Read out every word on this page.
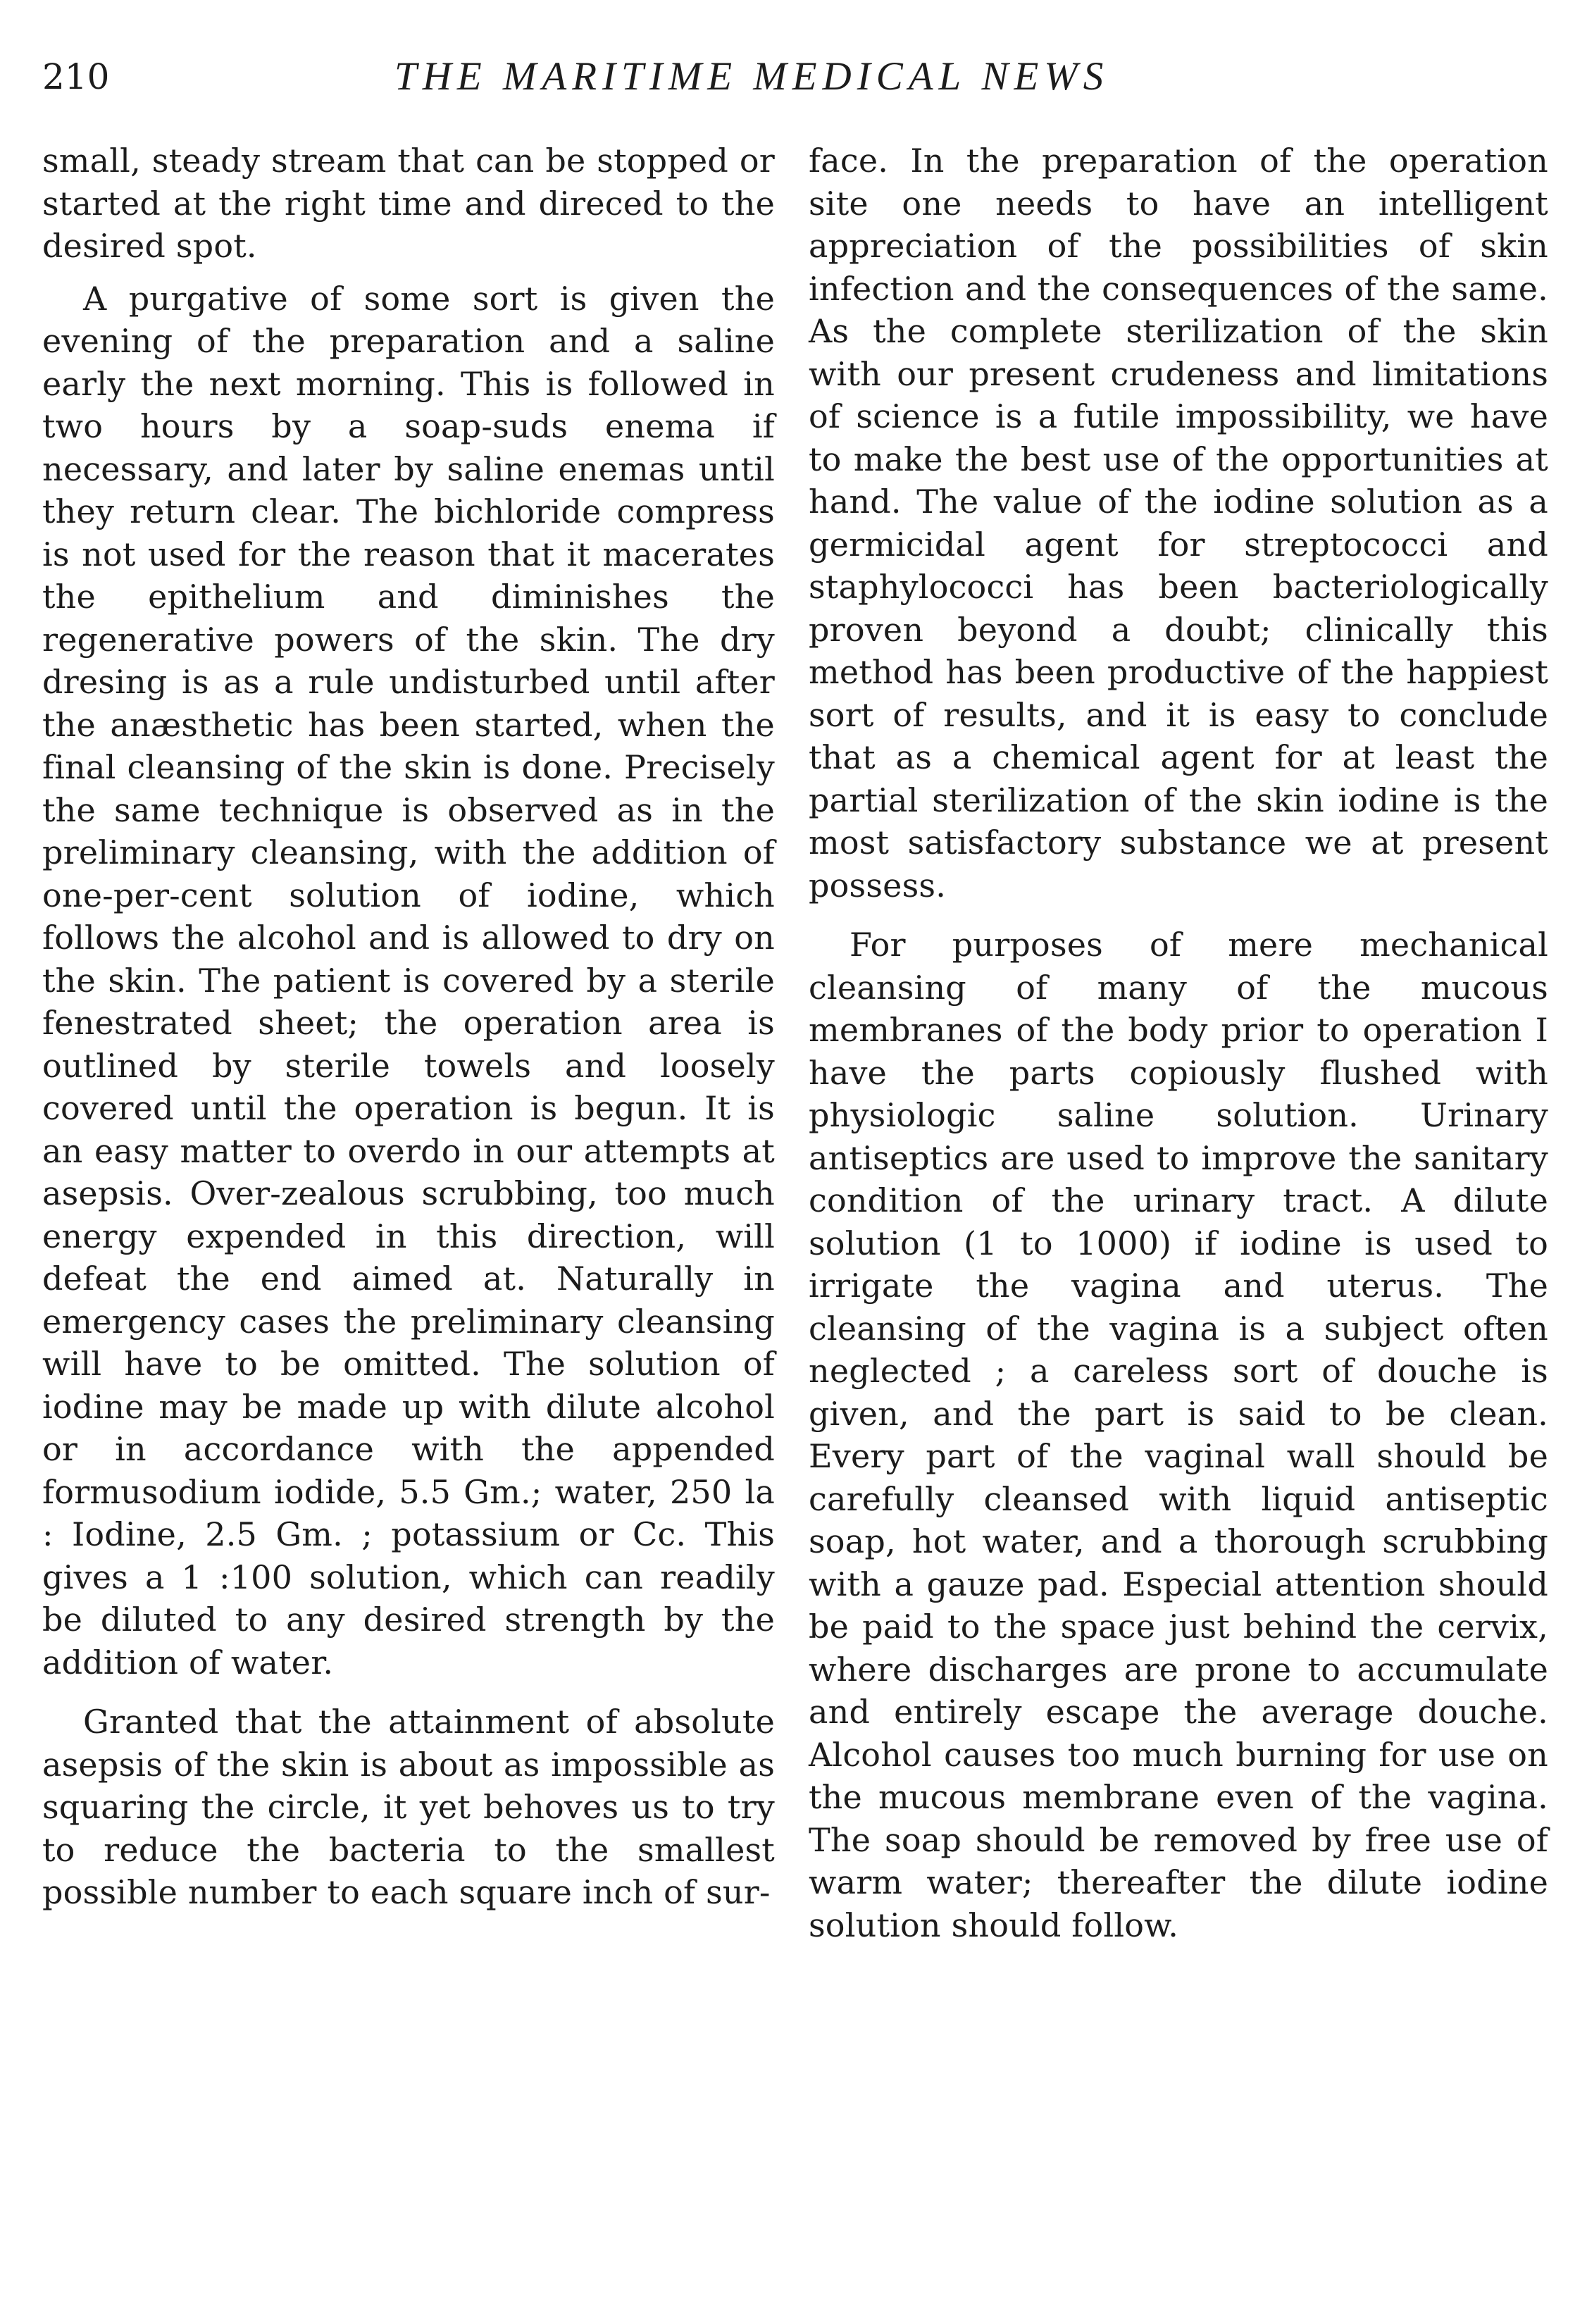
210	THE MARITIME MEDICAL NEWS

small, steady stream that can be stopped or started at the right time and direced to the desired spot.

A purgative of some sort is given the evening of the preparation and a saline early the next morning. This is followed in two hours by a soap-suds enema if necessary, and later by saline enemas until they return clear. The bichloride compress is not used for the reason that it macerates the epithelium and diminishes the regenerative powers of the skin. The dry dresing is as a rule undisturbed until after the anæsthetic has been started, when the final cleansing of the skin is done. Precisely the same technique is observed as in the preliminary cleansing, with the addition of one-per-cent solution of iodine, which follows the alcohol and is allowed to dry on the skin. The patient is covered by a sterile fenestrated sheet; the operation area is outlined by sterile towels and loosely covered until the operation is begun. It is an easy matter to overdo in our attempts at asepsis. Over-zealous scrubbing, too much energy expended in this direction, will defeat the end aimed at. Naturally in emergency cases the preliminary cleansing will have to be omitted. The solution of iodine may be made up with dilute alcohol or in accordance with the appended formusodium iodide, 5.5 Gm.; water, 250 la : Iodine, 2.5 Gm. ; potassium or Cc. This gives a 1 :100 solution, which can readily be diluted to any desired strength by the addition of water.

Granted that the attainment of absolute asepsis of the skin is about as impossible as squaring the circle, it yet behoves us to try to reduce the bacteria to the smallest possible number to each square inch of sur-

face. In the preparation of the operation site one needs to have an intelligent appreciation of the possibilities of skin infection and the consequences of the same. As the complete sterilization of the skin with our present crudeness and limitations of science is a futile impossibility, we have to make the best use of the opportunities at hand. The value of the iodine solution as a germicidal agent for streptococci and staphylococci has been bacteriologically proven beyond a doubt; clinically this method has been productive of the happiest sort of results, and it is easy to conclude that as a chemical agent for at least the partial sterilization of the skin iodine is the most satisfactory substance we at present possess.

For purposes of mere mechanical cleansing of many of the mucous membranes of the body prior to operation I have the parts copiously flushed with physiologic saline solution. Urinary antiseptics are used to improve the sanitary condition of the urinary tract. A dilute solution (1 to 1000) if iodine is used to irrigate the vagina and uterus. The cleansing of the vagina is a subject often neglected ; a careless sort of douche is given, and the part is said to be clean. Every part of the vaginal wall should be carefully cleansed with liquid antiseptic soap, hot water, and a thorough scrubbing with a gauze pad. Especial attention should be paid to the space just behind the cervix, where discharges are prone to accumulate and entirely escape the average douche. Alcohol causes too much burning for use on the mucous membrane even of the vagina. The soap should be removed by free use of warm water; thereafter the dilute iodine solution should follow.
